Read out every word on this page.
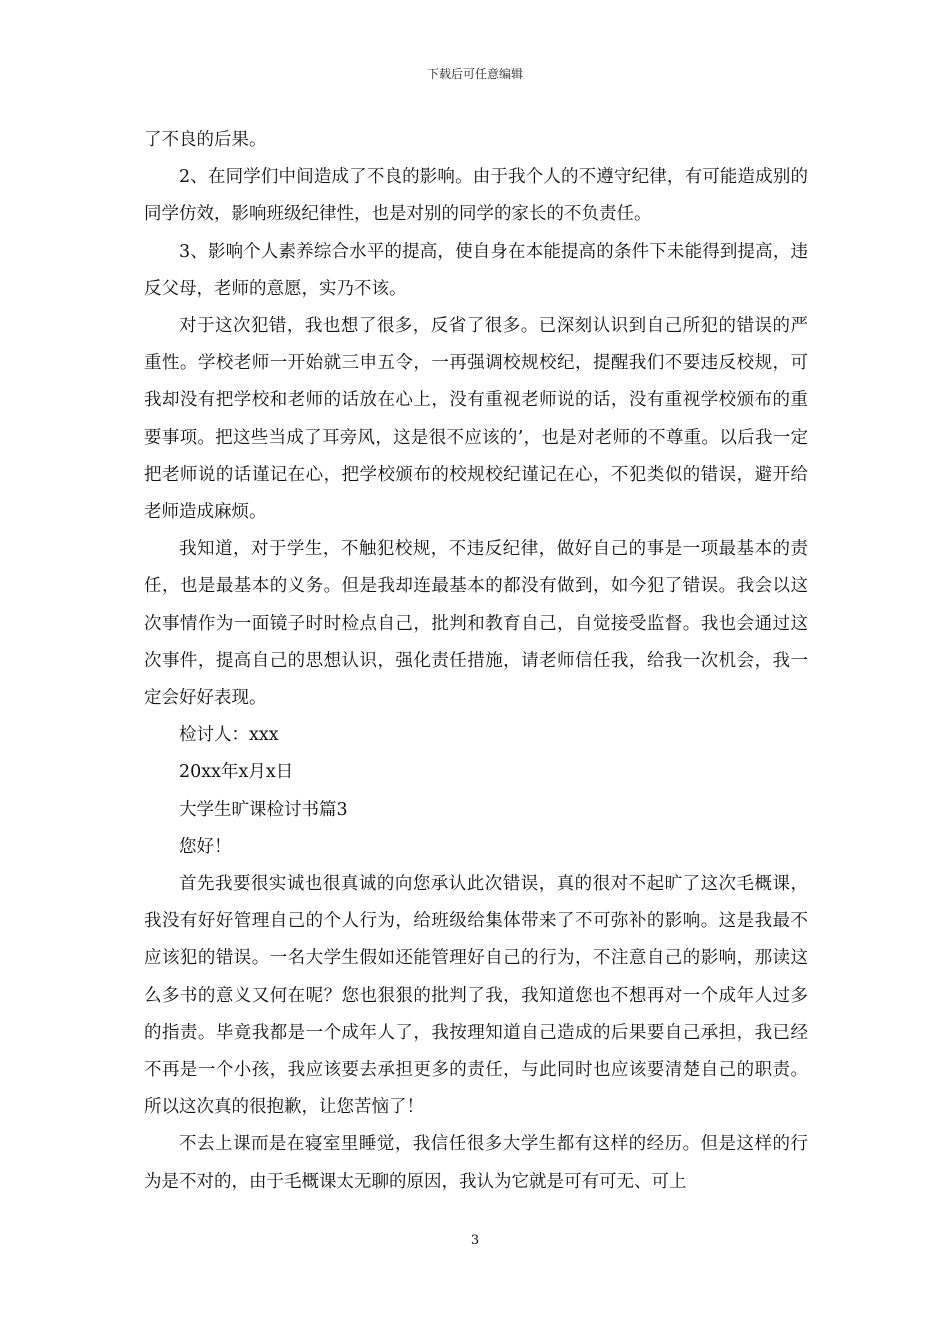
下载后可任意编辑

了不良的后果。

2、在同学们中间造成了不良的影响。由于我个人的不遵守纪律，有可能造成别的同学仿效，影响班级纪律性，也是对别的同学的家长的不负责任。

3、影响个人素养综合水平的提高，使自身在本能提高的条件下未能得到提高，违反父母，老师的意愿，实乃不该。

对于这次犯错，我也想了很多，反省了很多。已深刻认识到自己所犯的错误的严重性。学校老师一开始就三申五令，一再强调校规校纪，提醒我们不要违反校规，可我却没有把学校和老师的话放在心上，没有重视老师说的话，没有重视学校颁布的重要事项。把这些当成了耳旁风，这是很不应该的’，也是对老师的不尊重。以后我一定把老师说的话谨记在心，把学校颁布的校规校纪谨记在心，不犯类似的错误，避开给老师造成麻烦。

我知道，对于学生，不触犯校规，不违反纪律，做好自己的事是一项最基本的责任，也是最基本的义务。但是我却连最基本的都没有做到，如今犯了错误。我会以这次事情作为一面镜子时时检点自己，批判和教育自己，自觉接受监督。我也会通过这次事件，提高自己的思想认识，强化责任措施，请老师信任我，给我一次机会，我一定会好好表现。

检讨人：xxx

20xx年x月x日

大学生旷课检讨书篇3

您好！

首先我要很实诚也很真诚的向您承认此次错误，真的很对不起旷了这次毛概课，我没有好好管理自己的个人行为，给班级给集体带来了不可弥补的影响。这是我最不应该犯的错误。一名大学生假如还能管理好自己的行为，不注意自己的影响，那读这么多书的意义又何在呢？您也狠狠的批判了我，我知道您也不想再对一个成年人过多的指责。毕竟我都是一个成年人了，我按理知道自己造成的后果要自己承担，我已经不再是一个小孩，我应该要去承担更多的责任，与此同时也应该要清楚自己的职责。所以这次真的很抱歉，让您苦恼了！

不去上课而是在寝室里睡觉，我信任很多大学生都有这样的经历。但是这样的行为是不对的，由于毛概课太无聊的原因，我认为它就是可有可无、可上

3
